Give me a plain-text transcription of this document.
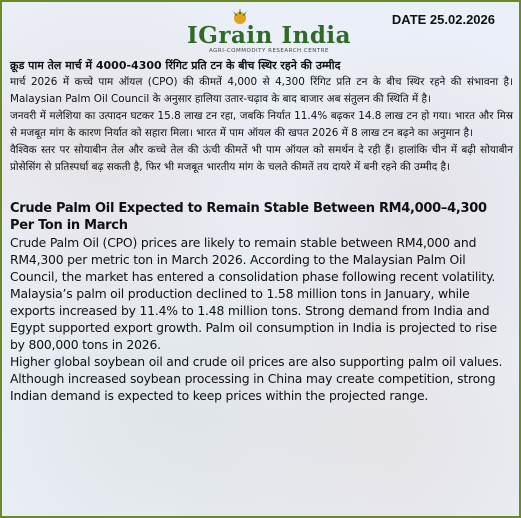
IGrain India
AGRI-COMMODITY RESEARCH CENTRE
DATE 25.02.2026

क्रूड पाम तेल मार्च में 4000-4300 रिंगिट प्रति टन के बीच स्थिर रहने की उम्मीद

मार्च 2026 में कच्चे पाम ऑयल (CPO) की कीमतें 4,000 से 4,300 रिंगिट प्रति टन के बीच स्थिर रहने की संभावना है। Malaysian Palm Oil Council के अनुसार हालिया उतार-चढ़ाव के बाद बाजार अब संतुलन की स्थिति में है।

जनवरी में मलेशिया का उत्पादन घटकर 15.8 लाख टन रहा, जबकि निर्यात 11.4% बढ़कर 14.8 लाख टन हो गया। भारत और मिस्र से मजबूत मांग के कारण निर्यात को सहारा मिला। भारत में पाम ऑयल की खपत 2026 में 8 लाख टन बढ़ने का अनुमान है।

वैश्विक स्तर पर सोयाबीन तेल और कच्चे तेल की ऊंची कीमतें भी पाम ऑयल को समर्थन दे रही हैं। हालांकि चीन में बढ़ी सोयाबीन प्रोसेसिंग से प्रतिस्पर्धा बढ़ सकती है, फिर भी मजबूत भारतीय मांग के चलते कीमतें तय दायरे में बनी रहने की उम्मीद है।

Crude Palm Oil Expected to Remain Stable Between RM4,000–4,300 Per Ton in March

Crude Palm Oil (CPO) prices are likely to remain stable between RM4,000 and RM4,300 per metric ton in March 2026. According to the Malaysian Palm Oil Council, the market has entered a consolidation phase following recent volatility.

Malaysia’s palm oil production declined to 1.58 million tons in January, while exports increased by 11.4% to 1.48 million tons. Strong demand from India and Egypt supported export growth. Palm oil consumption in India is projected to rise by 800,000 tons in 2026.

Higher global soybean oil and crude oil prices are also supporting palm oil values. Although increased soybean processing in China may create competition, strong Indian demand is expected to keep prices within the projected range.
